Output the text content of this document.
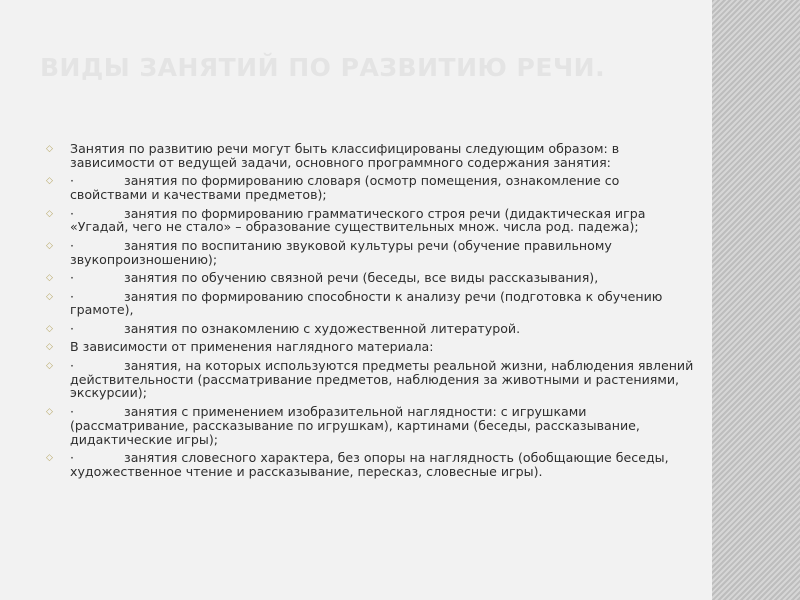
ВИДЫ ЗАНЯТИЙ ПО РАЗВИТИЮ РЕЧИ.
◇ Занятия по развитию речи могут быть классифицированы следующим образом: в зависимости от ведущей задачи, основного программного содержания занятия:
◇ ·	занятия по формированию словаря (осмотр помещения, ознакомление со свойствами и качествами предметов);
◇ ·	занятия по формированию грамматического строя речи (дидактическая игра «Угадай, чего не стало» – образование существительных множ. числа род. падежа);
◇ ·	занятия по воспитанию звуковой культуры речи (обучение правильному звукопроизношению);
◇ ·	занятия по обучению связной речи (беседы, все виды рассказывания),
◇ ·	занятия по формированию способности к анализу речи (подготовка к обучению грамоте),
◇ ·	занятия по ознакомлению с художественной литературой.
◇ В зависимости от применения наглядного материала:
◇ ·	занятия, на которых используются предметы реальной жизни, наблюдения явлений действительности (рассматривание предметов, наблюдения за животными и растениями, экскурсии);
◇ ·	занятия с применением изобразительной наглядности: с игрушками (рассматривание, рассказывание по игрушкам), картинами (беседы, рассказывание, дидактические игры);
◇ ·	занятия словесного характера, без опоры на наглядность (обобщающие беседы, художественное чтение и рассказывание, пересказ, словесные игры).
